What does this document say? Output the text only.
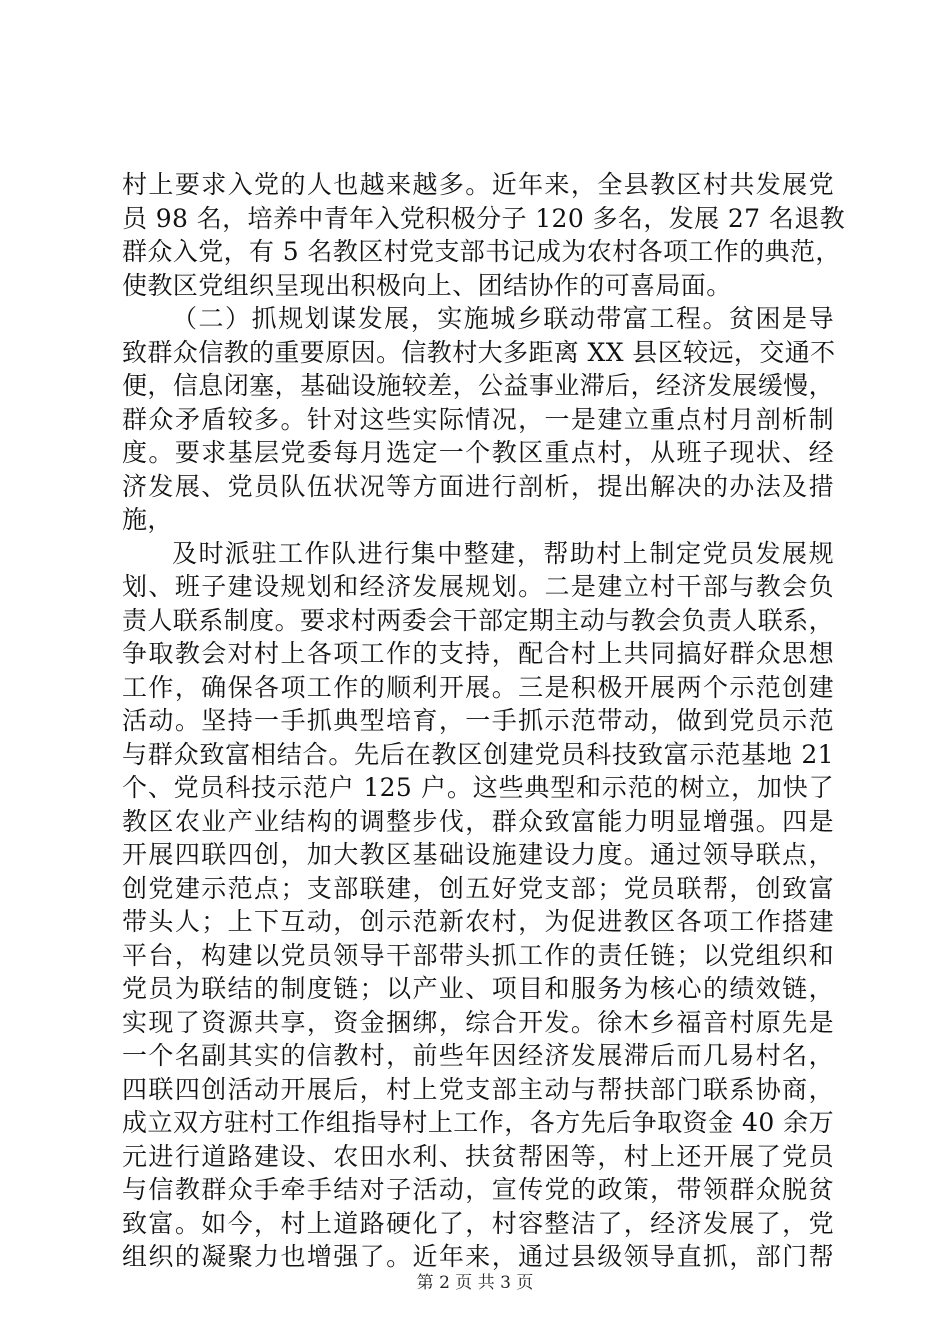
村上要求入党的人也越来越多。近年来，全县教区村共发展党
员 98 名，培养中青年入党积极分子 120 多名，发展 27 名退教
群众入党，有 5 名教区村党支部书记成为农村各项工作的典范，
使教区党组织呈现出积极向上、团结协作的可喜局面。
（二）抓规划谋发展，实施城乡联动带富工程。贫困是导
致群众信教的重要原因。信教村大多距离 XX 县区较远，交通不
便，信息闭塞，基础设施较差，公益事业滞后，经济发展缓慢，
群众矛盾较多。针对这些实际情况，一是建立重点村月剖析制
度。要求基层党委每月选定一个教区重点村，从班子现状、经
济发展、党员队伍状况等方面进行剖析，提出解决的办法及措
施，
及时派驻工作队进行集中整建，帮助村上制定党员发展规
划、班子建设规划和经济发展规划。二是建立村干部与教会负
责人联系制度。要求村两委会干部定期主动与教会负责人联系，
争取教会对村上各项工作的支持，配合村上共同搞好群众思想
工作，确保各项工作的顺利开展。三是积极开展两个示范创建
活动。坚持一手抓典型培育，一手抓示范带动，做到党员示范
与群众致富相结合。先后在教区创建党员科技致富示范基地 21
个、党员科技示范户 125 户。这些典型和示范的树立，加快了
教区农业产业结构的调整步伐，群众致富能力明显增强。四是
开展四联四创，加大教区基础设施建设力度。通过领导联点，
创党建示范点；支部联建，创五好党支部；党员联帮，创致富
带头人；上下互动，创示范新农村，为促进教区各项工作搭建
平台，构建以党员领导干部带头抓工作的责任链；以党组织和
党员为联结的制度链；以产业、项目和服务为核心的绩效链，
实现了资源共享，资金捆绑，综合开发。徐木乡福音村原先是
一个名副其实的信教村，前些年因经济发展滞后而几易村名，
四联四创活动开展后，村上党支部主动与帮扶部门联系协商，
成立双方驻村工作组指导村上工作，各方先后争取资金 40 余万
元进行道路建设、农田水利、扶贫帮困等，村上还开展了党员
与信教群众手牵手结对子活动，宣传党的政策，带领群众脱贫
致富。如今，村上道路硬化了，村容整洁了，经济发展了，党
组织的凝聚力也增强了。近年来，通过县级领导直抓，部门帮
第 2 页 共 3 页
